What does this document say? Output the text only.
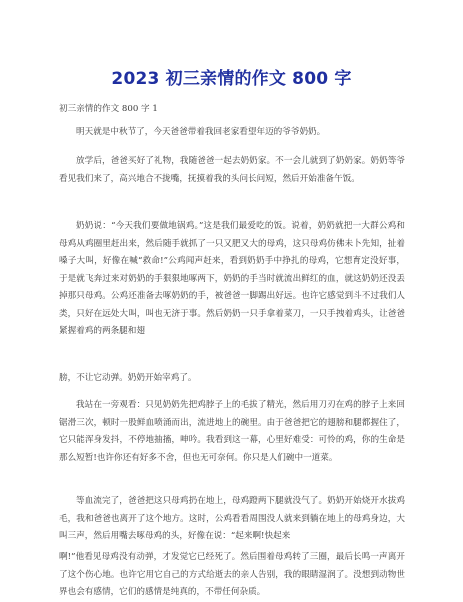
2023 初三亲情的作文 800 字
初三亲情的作文 800 字 1

明天就是中秋节了，今天爸爸带着我回老家看望年迈的爷爷奶奶。

放学后，爸爸买好了礼物，我随爸爸一起去奶奶家。不一会儿就到了奶奶家。奶奶等爷看见我们来了，高兴地合不拢嘴，抚摸着我的头问长问短，然后开始准备午饭。

奶奶说：“今天我们要做地锅鸡。”这是我们最爱吃的饭。说着，奶奶就把一大群公鸡和母鸡从鸡圈里赶出来，然后随手就抓了一只又肥又大的母鸡，这只母鸡仿佛未卜先知，扯着嗓子大叫，好像在喊“救命!”公鸡闻声赶来，看到奶奶手中挣扎的母鸡，它想育定没好事，于是就飞奔过来对奶奶的手狠狠地啄两下，奶奶的手当时就流出鲜红的血，就这奶奶还没丢掉那只母鸡。公鸡还准备去啄奶奶的手，被爸爸一脚踢出好远。也许它感觉到斗不过我们人类，只好在远处大叫，叫也无济于事。然后奶奶一只手拿着菜刀，一只手拽着鸡头，让爸爸紧握着鸡的两条腿和翅

膀，不让它动弹。奶奶开始宰鸡了。

我站在一旁观看：只见奶奶先把鸡脖子上的毛拔了精光，然后用刀刃在鸡的脖子上来回锯滑三次，顿时一股鲜血喷涌而出，流进地上的碗里。由于爸爸把它的翅膀和腿都握住了，它只能浑身发抖，不停地抽搐，呻吟。我看到这一幕，心里好难受：可怜的鸡，你的生命是那么短暂!也许你还有好多不舍，但也无可奈何。你只是人们碗中一道菜。

等血流完了，爸爸把这只母鸡扔在地上，母鸡蹬两下腿就没气了。奶奶开始烧开水拔鸡毛，我和爸爸也离开了这个地方。这时，公鸡看看周围没人就来到躺在地上的母鸡身边，大叫三声，然后用嘴去啄母鸡的头，好像在说：“起来啊!快起来

啊!”他看见母鸡没有动弹，才发觉它已经死了。然后围着母鸡转了三圈，最后长鸣一声离开了这个伤心地。也许它用它自己的方式给逝去的亲人告别，我的眼睛湿润了。没想到动物世界也会有感情，它们的感情是纯真的，不带任何杂质。
